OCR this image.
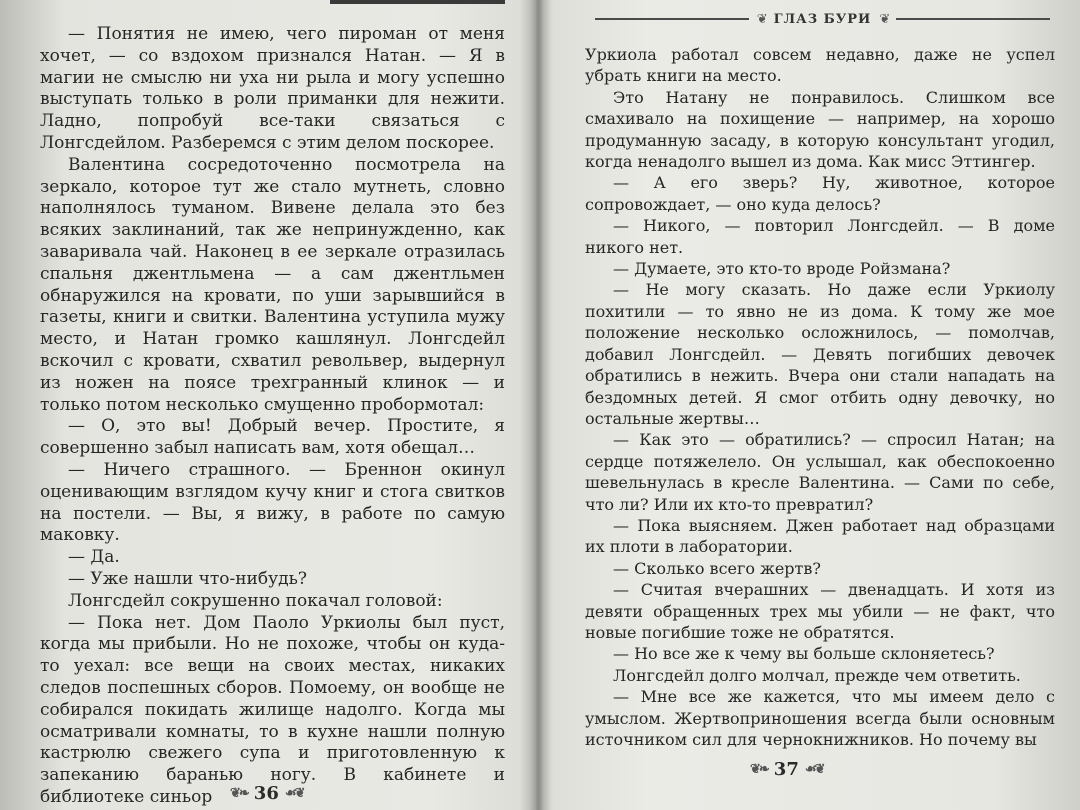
— Понятия не имею, чего пироман от меня хочет, — со вздохом признался Натан. — Я в магии не смыслю ни уха ни рыла и могу успешно выступать только в роли приманки для нежити. Ладно, попробуй все-таки связаться с Лонгсдейлом. Разберемся с этим делом поскорее.

Валентина сосредоточенно посмотрела на зеркало, которое тут же стало мутнеть, словно наполнялось туманом. Вивене делала это без всяких заклинаний, так же непринужденно, как заваривала чай. Наконец в ее зеркале отразилась спальня джентльмена — а сам джентльмен обнаружился на кровати, по уши зарывшийся в газеты, книги и свитки. Валентина уступила мужу место, и Натан громко кашлянул. Лонгсдейл вскочил с кровати, схватил револьвер, выдернул из ножен на поясе трехгранный клинок — и только потом несколько смущенно пробормотал:

— О, это вы! Добрый вечер. Простите, я совершенно забыл написать вам, хотя обещал…

— Ничего страшного. — Бреннон окинул оценивающим взглядом кучу книг и стога свитков на постели. — Вы, я вижу, в работе по самую маковку.

— Да.

— Уже нашли что-нибудь?

Лонгсдейл сокрушенно покачал головой:

— Пока нет. Дом Паоло Уркиолы был пуст, когда мы прибыли. Но не похоже, чтобы он куда-то уехал: все вещи на своих местах, никаких следов поспешных сборов. Помоему, он вообще не собирался покидать жилище надолго. Когда мы осматривали комнаты, то в кухне нашли полную кастрюлю свежего супа и приготовленную к запеканию баранью ногу. В кабинете и библиотеке синьор	❦❧ 36 ☙❦
❦ ГЛАЗ БУРИ ❦

Уркиола работал совсем недавно, даже не успел убрать книги на место.

Это Натану не понравилось. Слишком все смахивало на похищение — например, на хорошо продуманную засаду, в которую консультант угодил, когда ненадолго вышел из дома. Как мисс Эттингер.

— А его зверь? Ну, животное, которое сопровождает, — оно куда делось?

— Никого, — повторил Лонгсдейл. — В доме никого нет.

— Думаете, это кто-то вроде Ройзмана?

— Не могу сказать. Но даже если Уркиолу похитили — то явно не из дома. К тому же мое положение несколько осложнилось, — помолчав, добавил Лонгсдейл. — Девять погибших девочек обратились в нежить. Вчера они стали нападать на бездомных детей. Я смог отбить одну девочку, но остальные жертвы…

— Как это — обратились? — спросил Натан; на сердце потяжелело. Он услышал, как обеспокоенно шевельнулась в кресле Валентина. — Сами по себе, что ли? Или их кто-то превратил?

— Пока выясняем. Джен работает над образцами их плоти в лаборатории.

— Сколько всего жертв?

— Считая вчерашних — двенадцать. И хотя из девяти обращенных трех мы убили — не факт, что новые погибшие тоже не обратятся.

— Но все же к чему вы больше склоняетесь?

Лонгсдейл долго молчал, прежде чем ответить.

— Мне все же кажется, что мы имеем дело с умыслом. Жертвоприношения всегда были основным источником сил для чернокнижников. Но почему вы

❦❧ 37 ☙❦
